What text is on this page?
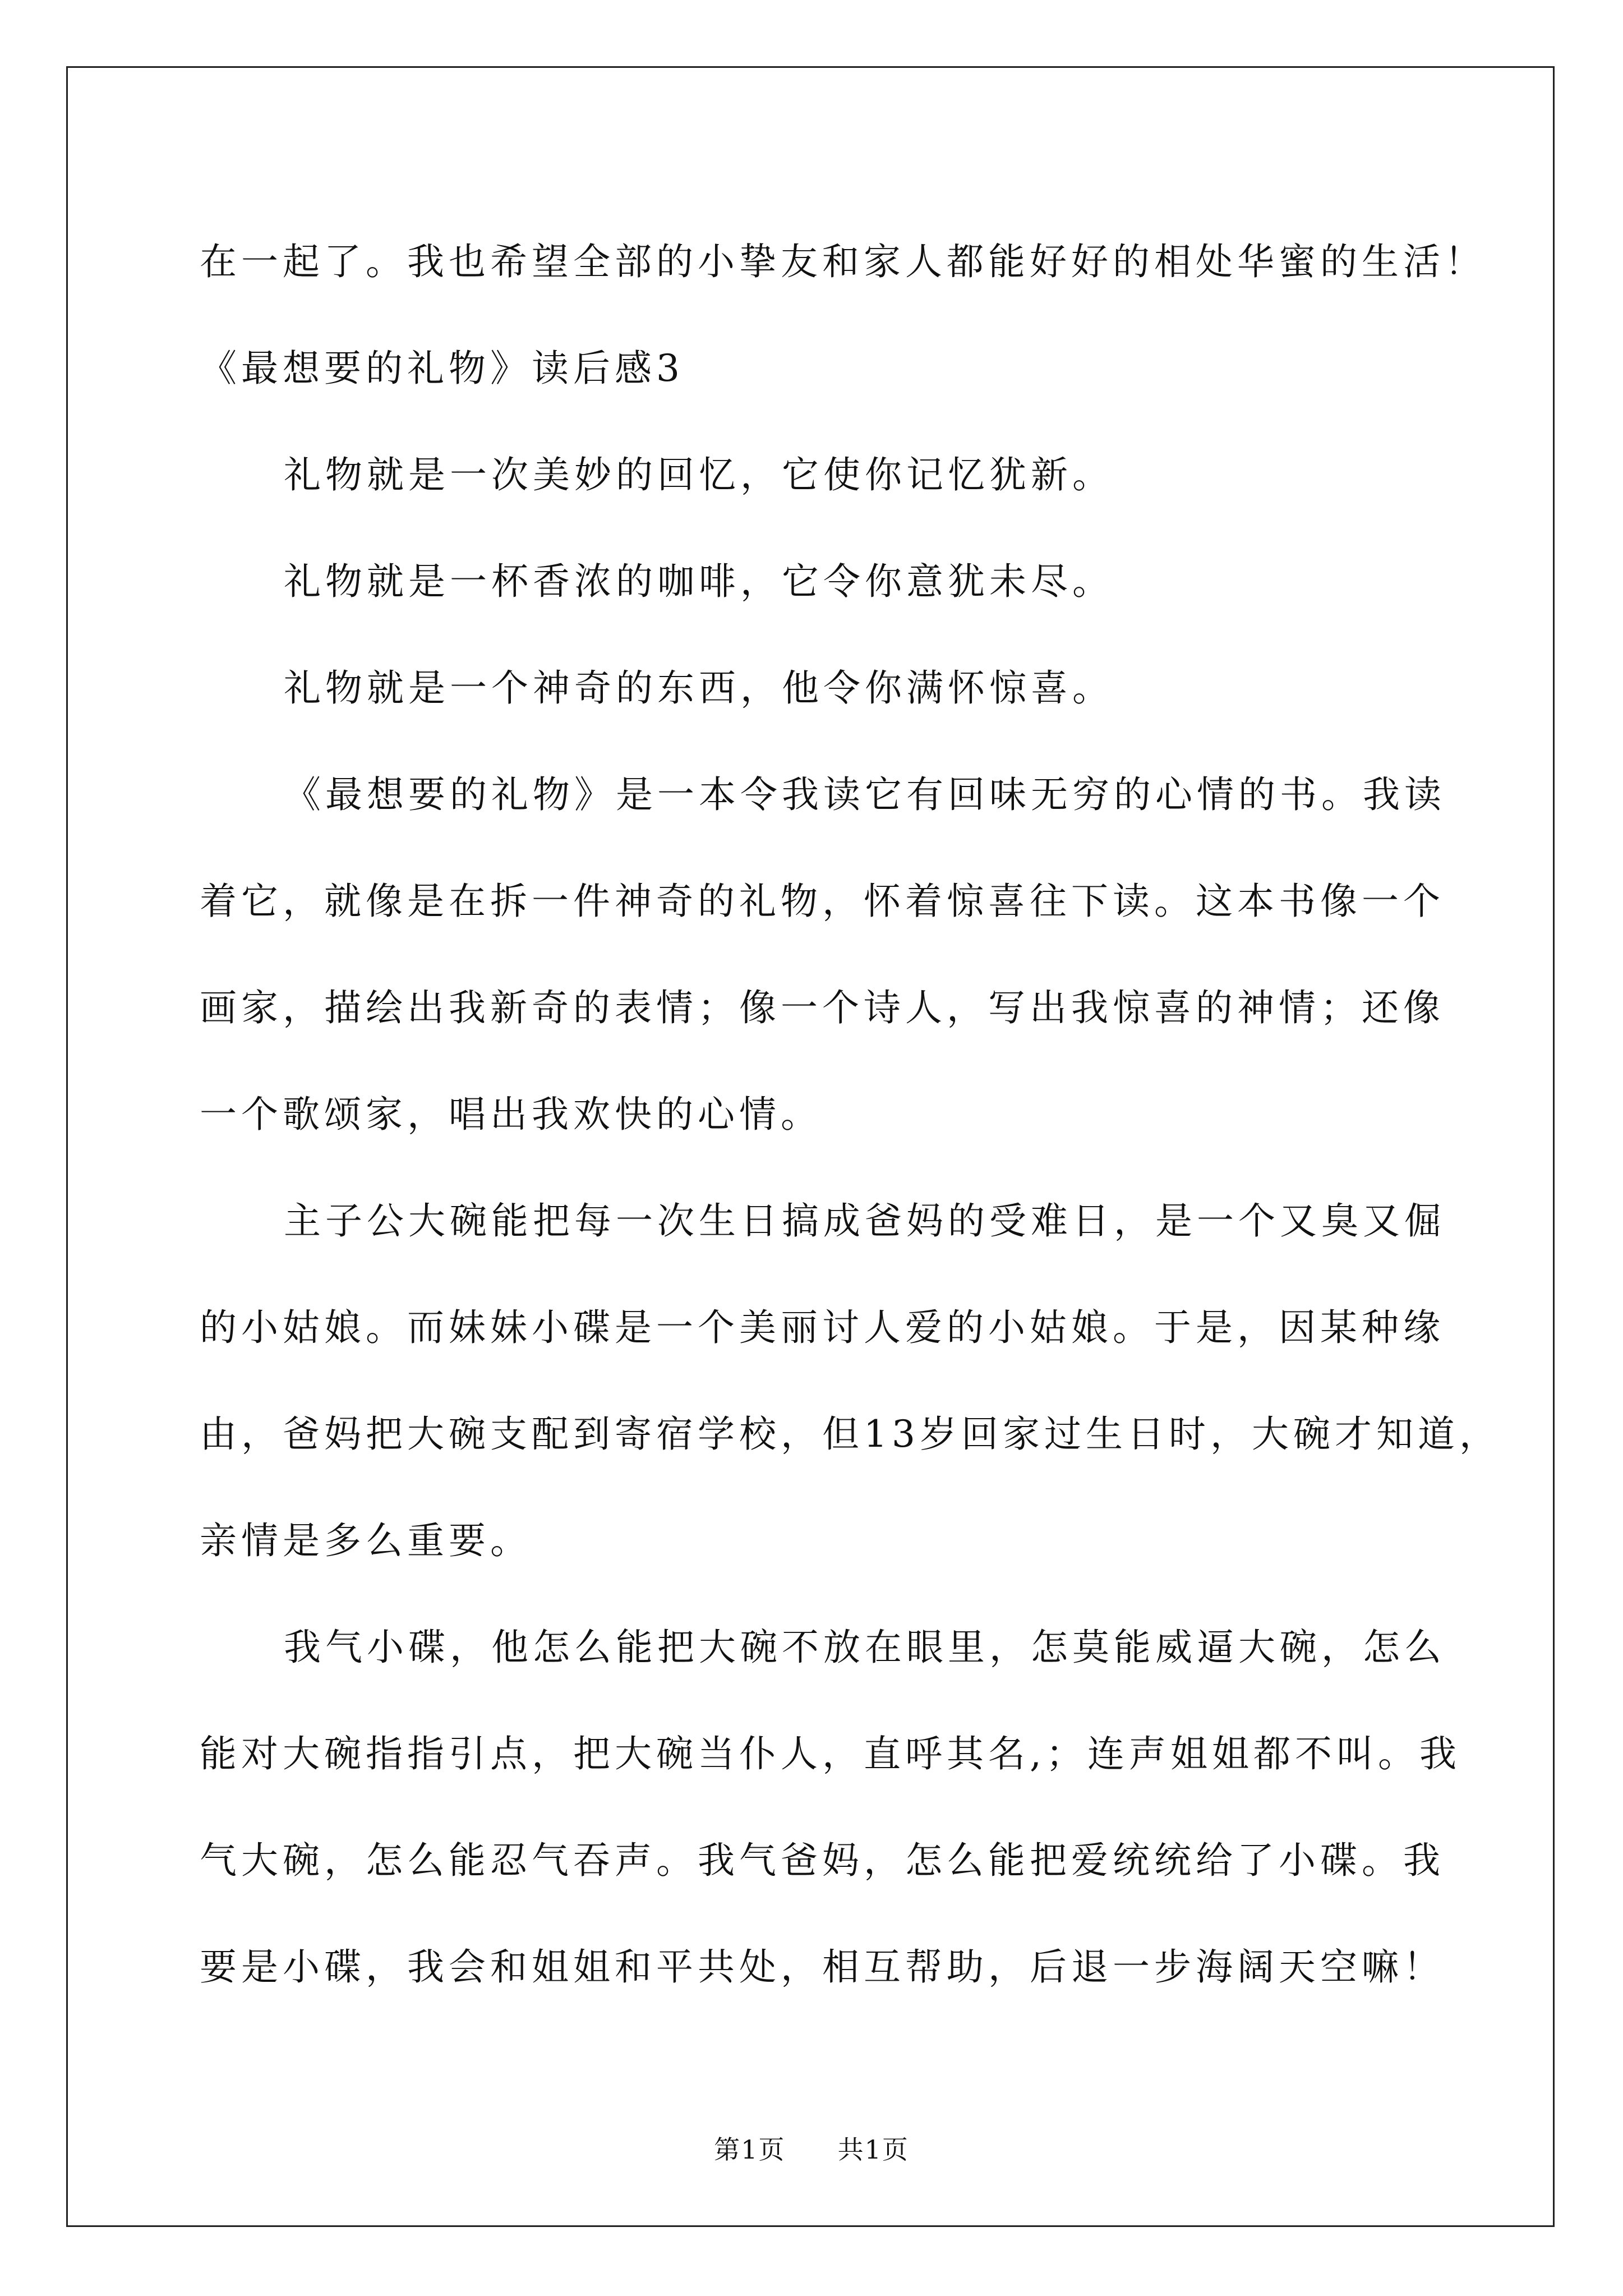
在一起了。我也希望全部的小挚友和家人都能好好的相处华蜜的生活！
《最想要的礼物》读后感3
礼物就是一次美妙的回忆，它使你记忆犹新。
礼物就是一杯香浓的咖啡，它令你意犹未尽。
礼物就是一个神奇的东西，他令你满怀惊喜。
《最想要的礼物》是一本令我读它有回味无穷的心情的书。我读
着它，就像是在拆一件神奇的礼物，怀着惊喜往下读。这本书像一个
画家，描绘出我新奇的表情；像一个诗人，写出我惊喜的神情；还像
一个歌颂家，唱出我欢快的心情。
主子公大碗能把每一次生日搞成爸妈的受难日，是一个又臭又倔
的小姑娘。而妹妹小碟是一个美丽讨人爱的小姑娘。于是，因某种缘
由，爸妈把大碗支配到寄宿学校，但13岁回家过生日时，大碗才知道，
亲情是多么重要。
我气小碟，他怎么能把大碗不放在眼里，怎莫能威逼大碗，怎么
能对大碗指指引点，把大碗当仆人，直呼其名,；连声姐姐都不叫。我
气大碗，怎么能忍气吞声。我气爸妈，怎么能把爱统统给了小碟。我
要是小碟，我会和姐姐和平共处，相互帮助，后退一步海阔天空嘛！
第1页 共1页
